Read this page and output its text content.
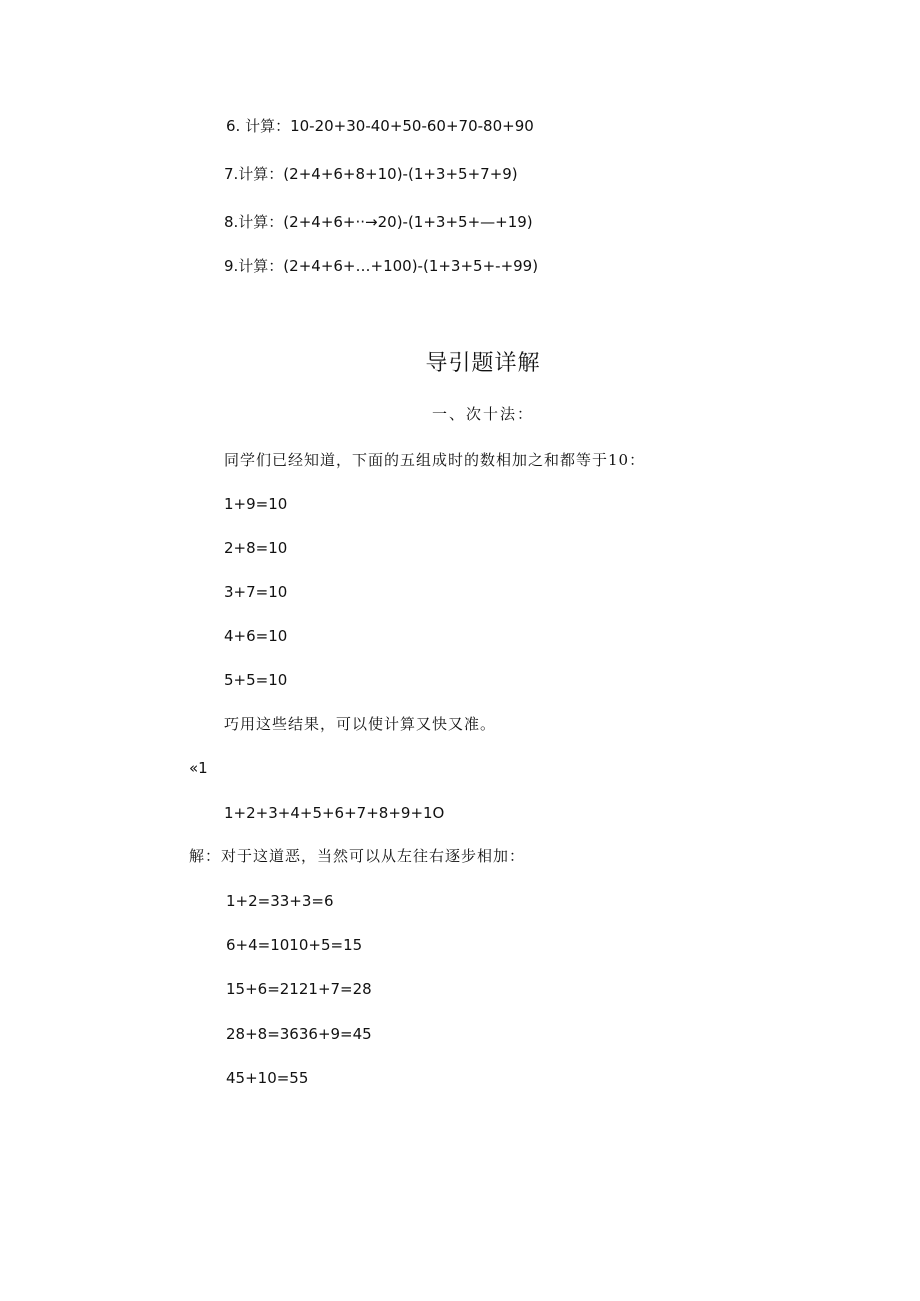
6. 计算：10-20+30-40+50-60+70-80+90
7.计算：(2+4+6+8+10)-(1+3+5+7+9)
8.计算：(2+4+6+··→20)-(1+3+5+—+19)
9.计算：(2+4+6+…+100)-(1+3+5+-+99)
导引题详解
一、次十法：
同学们已经知道，下面的五组成时的数相加之和都等于10：
1+9=10
2+8=10
3+7=10
4+6=10
5+5=10
巧用这些结果，可以使计算又快又准。
«1
1+2+3+4+5+6+7+8+9+1O
解：对于这道恶，当然可以从左往右逐步相加：
1+2=33+3=6
6+4=1010+5=15
15+6=2121+7=28
28+8=3636+9=45
45+10=55
